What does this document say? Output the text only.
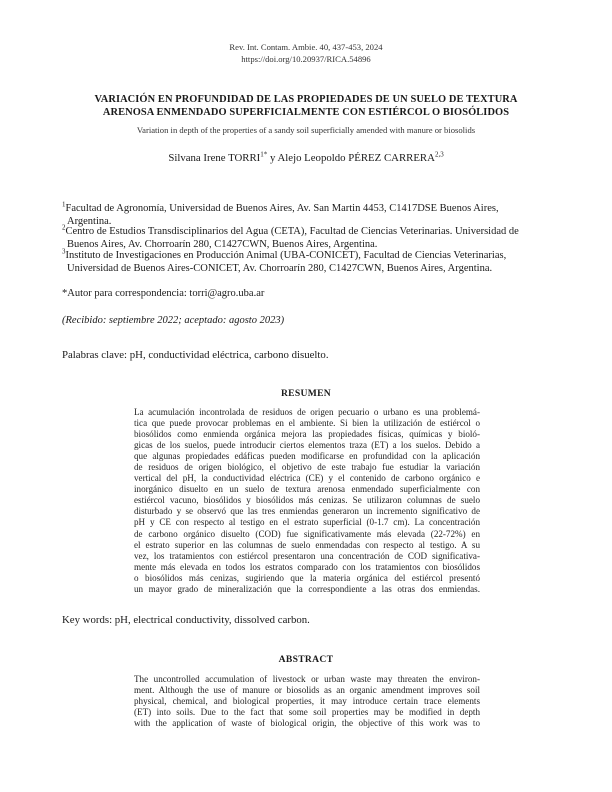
Rev. Int. Contam. Ambie. 40, 437-453, 2024
https://doi.org/10.20937/RICA.54896
VARIACIÓN EN PROFUNDIDAD DE LAS PROPIEDADES DE UN SUELO DE TEXTURA
ARENOSA ENMENDADO SUPERFICIALMENTE CON ESTIÉRCOL O BIOSÓLIDOS
Variation in depth of the properties of a sandy soil superficially amended with manure or biosolids
Silvana Irene $TORRI^{1*}$ y Alejo Leopoldo PÉREZ CARRERA$^{2,3}$
$^1$Facultad de Agronomía, Universidad de Buenos Aires, Av. San Martin 4453, C1417DSE Buenos Aires,
Argentina.
$^2$Centro de Estudios Transdisciplinarios del Agua (CETA), Facultad de Ciencias Veterinarias. Universidad de
Buenos Aires, Av. Chorroarín 280, C1427CWN, Buenos Aires, Argentina.
$^3$Instituto de Investigaciones en Producción Animal (UBA-CONICET), Facultad de Ciencias Veterinarias,
Universidad de Buenos Aires-CONICET, Av. Chorroarín 280, C1427CWN, Buenos Aires, Argentina.
*Autor para correspondencia: torri@agro.uba.ar
(Recibido: septiembre 2022; aceptado: agosto 2023)
Palabras clave: pH, conductividad eléctrica, carbono disuelto.
RESUMEN
La acumulación incontrolada de residuos de origen pecuario o urbano es una problemá-
tica que puede provocar problemas en el ambiente. Si bien la utilización de estiércol o
biosólidos como enmienda orgánica mejora las propiedades físicas, químicas y bioló-
gicas de los suelos, puede introducir ciertos elementos traza (ET) a los suelos. Debido a
que algunas propiedades edáficas pueden modificarse en profundidad con la aplicación
de residuos de origen biológico, el objetivo de este trabajo fue estudiar la variación
vertical del pH, la conductividad eléctrica (CE) y el contenido de carbono orgánico e
inorgánico disuelto en un suelo de textura arenosa enmendado superficialmente con
estiércol vacuno, biosólidos y biosólidos más cenizas. Se utilizaron columnas de suelo
disturbado y se observó que las tres enmiendas generaron un incremento significativo de
pH y CE con respecto al testigo en el estrato superficial (0-1.7 cm). La concentración
de carbono orgánico disuelto (COD) fue significativamente más elevada (22-72%) en
el estrato superior en las columnas de suelo enmendadas con respecto al testigo. A su
vez, los tratamientos con estiércol presentaron una concentración de COD significativa-
mente más elevada en todos los estratos comparado con los tratamientos con biosólidos
o biosólidos más cenizas, sugiriendo que la materia orgánica del estiércol presentó
un mayor grado de mineralización que la correspondiente a las otras dos enmiendas.
Key words: pH, electrical conductivity, dissolved carbon.
ABSTRACT
The uncontrolled accumulation of livestock or urban waste may threaten the environ-
ment. Although the use of manure or biosolids as an organic amendment improves soil
physical, chemical, and biological properties, it may introduce certain trace elements
(ET) into soils. Due to the fact that some soil properties may be modified in depth
with the application of waste of biological origin, the objective of this work was to
